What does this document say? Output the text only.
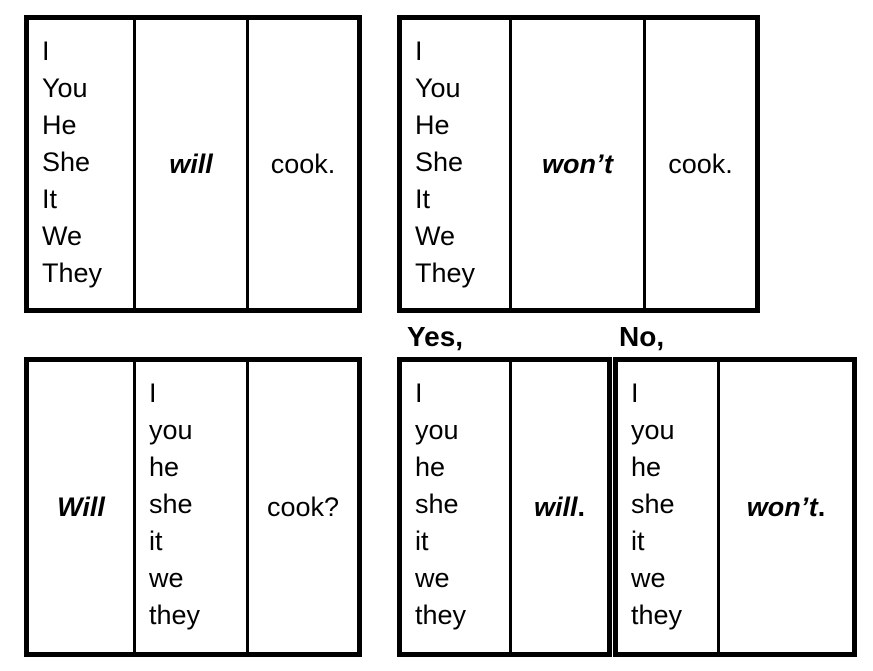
I
You
He
She
It
We
They
will cook.
I
You
He
She
It
We
They
won’t cook.
Yes,	No,
Will
I
you
he
she
it
we
they
cook?
I
you
he
she
it
we
they
will .
I
you
he
she
it
we
they
won’t .
